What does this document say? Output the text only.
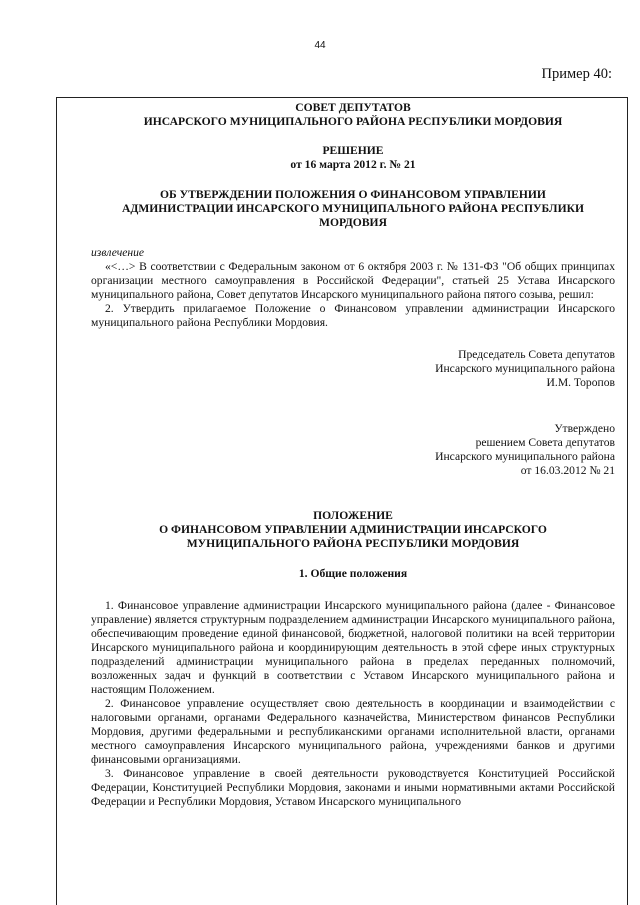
44
Пример 40:
СОВЕТ ДЕПУТАТОВ
ИНСАРСКОГО МУНИЦИПАЛЬНОГО РАЙОНА РЕСПУБЛИКИ МОРДОВИЯ
РЕШЕНИЕ
от 16 марта 2012 г. № 21
ОБ УТВЕРЖДЕНИИ ПОЛОЖЕНИЯ О ФИНАНСОВОМ УПРАВЛЕНИИ
АДМИНИСТРАЦИИ ИНСАРСКОГО МУНИЦИПАЛЬНОГО РАЙОНА РЕСПУБЛИКИ
МОРДОВИЯ
извлечение

«<…> В соответствии с Федеральным законом от 6 октября 2003 г. № 131-ФЗ "Об общих принципах организации местного самоуправления в Российской Федерации", статьей 25 Устава Инсарского муниципального района, Совет депутатов Инсарского муниципального района пятого созыва, решил:

2. Утвердить прилагаемое Положение о Финансовом управлении администрации Инсарского муниципального района Республики Мордовия.

Председатель Совета депутатов
Инсарского муниципального района
И.М. Торопов
Утверждено
решением Совета депутатов
Инсарского муниципального района
от 16.03.2012 № 21
ПОЛОЖЕНИЕ
О ФИНАНСОВОМ УПРАВЛЕНИИ АДМИНИСТРАЦИИ ИНСАРСКОГО
МУНИЦИПАЛЬНОГО РАЙОНА РЕСПУБЛИКИ МОРДОВИЯ
1. Общие положения

1. Финансовое управление администрации Инсарского муниципального района (далее - Финансовое управление) является структурным подразделением администрации Инсарского муниципального района, обеспечивающим проведение единой финансовой, бюджетной, налоговой политики на всей территории Инсарского муниципального района и координирующим деятельность в этой сфере иных структурных подразделений администрации муниципального района в пределах переданных полномочий, возложенных задач и функций в соответствии с Уставом Инсарского муниципального района и настоящим Положением.

2. Финансовое управление осуществляет свою деятельность в координации и взаимодействии с налоговыми органами, органами Федерального казначейства, Министерством финансов Республики Мордовия, другими федеральными и республиканскими органами исполнительной власти, органами местного самоуправления Инсарского муниципального района, учреждениями банков и другими финансовыми организациями.

3. Финансовое управление в своей деятельности руководствуется Конституцией Российской Федерации, Конституцией Республики Мордовия, законами и иными нормативными актами Российской Федерации и Республики Мордовия, Уставом Инсарского муниципального
